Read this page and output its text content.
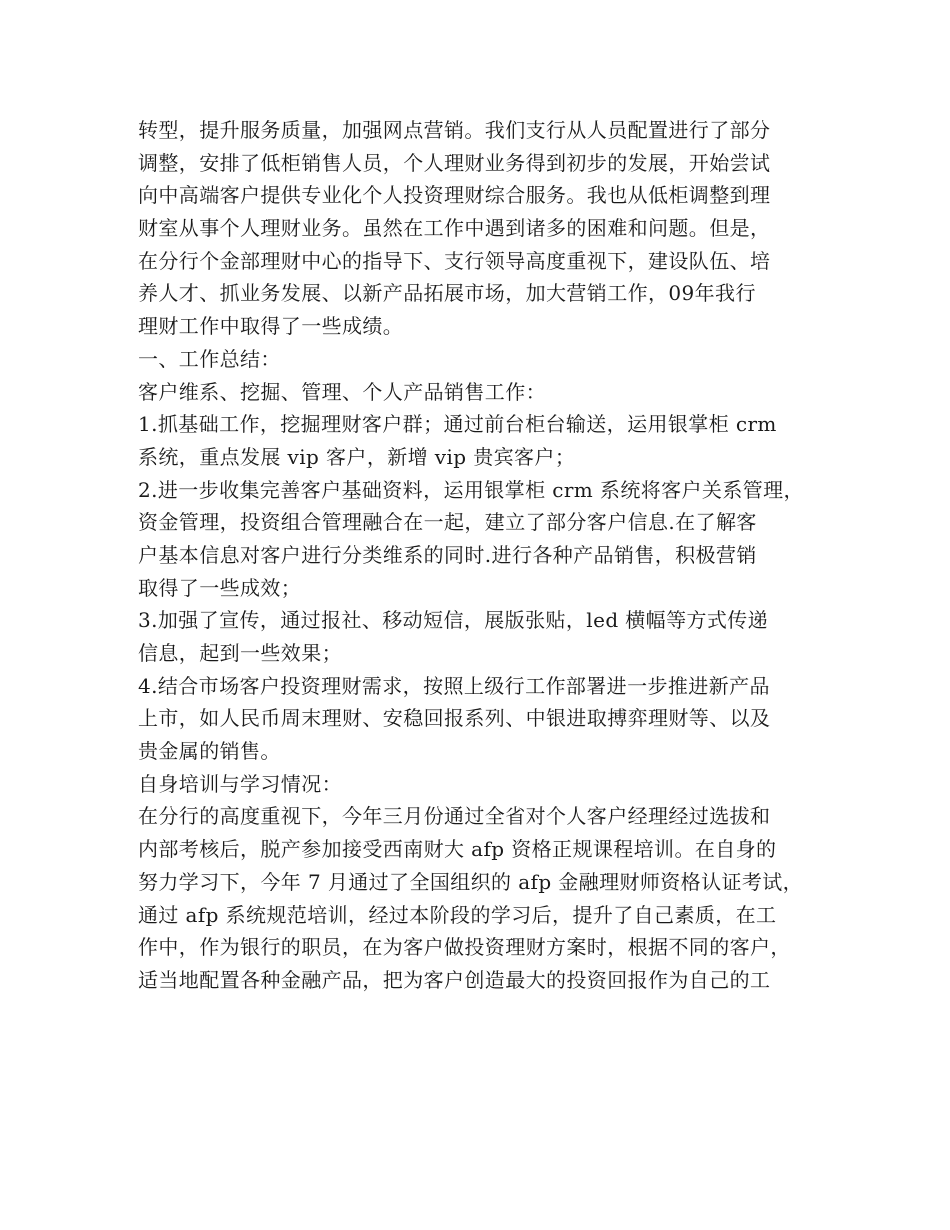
转型，提升服务质量，加强网点营销。我们支行从人员配置进行了部分
调整，安排了低柜销售人员，个人理财业务得到初步的发展，开始尝试
向中高端客户提供专业化个人投资理财综合服务。我也从低柜调整到理
财室从事个人理财业务。虽然在工作中遇到诸多的困难和问题。但是，
在分行个金部理财中心的指导下、支行领导高度重视下，建设队伍、培
养人才、抓业务发展、以新产品拓展市场，加大营销工作，09年我行
理财工作中取得了一些成绩。
一、工作总结：
客户维系、挖掘、管理、个人产品销售工作：
1.抓基础工作，挖掘理财客户群；通过前台柜台输送，运用银掌柜 crm
系统，重点发展 vip 客户，新增 vip 贵宾客户；
2.进一步收集完善客户基础资料，运用银掌柜 crm 系统将客户关系管理，
资金管理，投资组合管理融合在一起，建立了部分客户信息.在了解客
户基本信息对客户进行分类维系的同时.进行各种产品销售，积极营销
取得了一些成效；
3.加强了宣传，通过报社、移动短信，展版张贴，led 横幅等方式传递
信息，起到一些效果；
4.结合市场客户投资理财需求，按照上级行工作部署进一步推进新产品
上市，如人民币周末理财、安稳回报系列、中银进取搏弈理财等、以及
贵金属的销售。
自身培训与学习情况：
在分行的高度重视下，今年三月份通过全省对个人客户经理经过选拔和
内部考核后，脱产参加接受西南财大 afp 资格正规课程培训。在自身的
努力学习下，今年 7 月通过了全国组织的 afp 金融理财师资格认证考试，
通过 afp 系统规范培训，经过本阶段的学习后，提升了自己素质，在工
作中，作为银行的职员，在为客户做投资理财方案时，根据不同的客户，
适当地配置各种金融产品，把为客户创造最大的投资回报作为自己的工
